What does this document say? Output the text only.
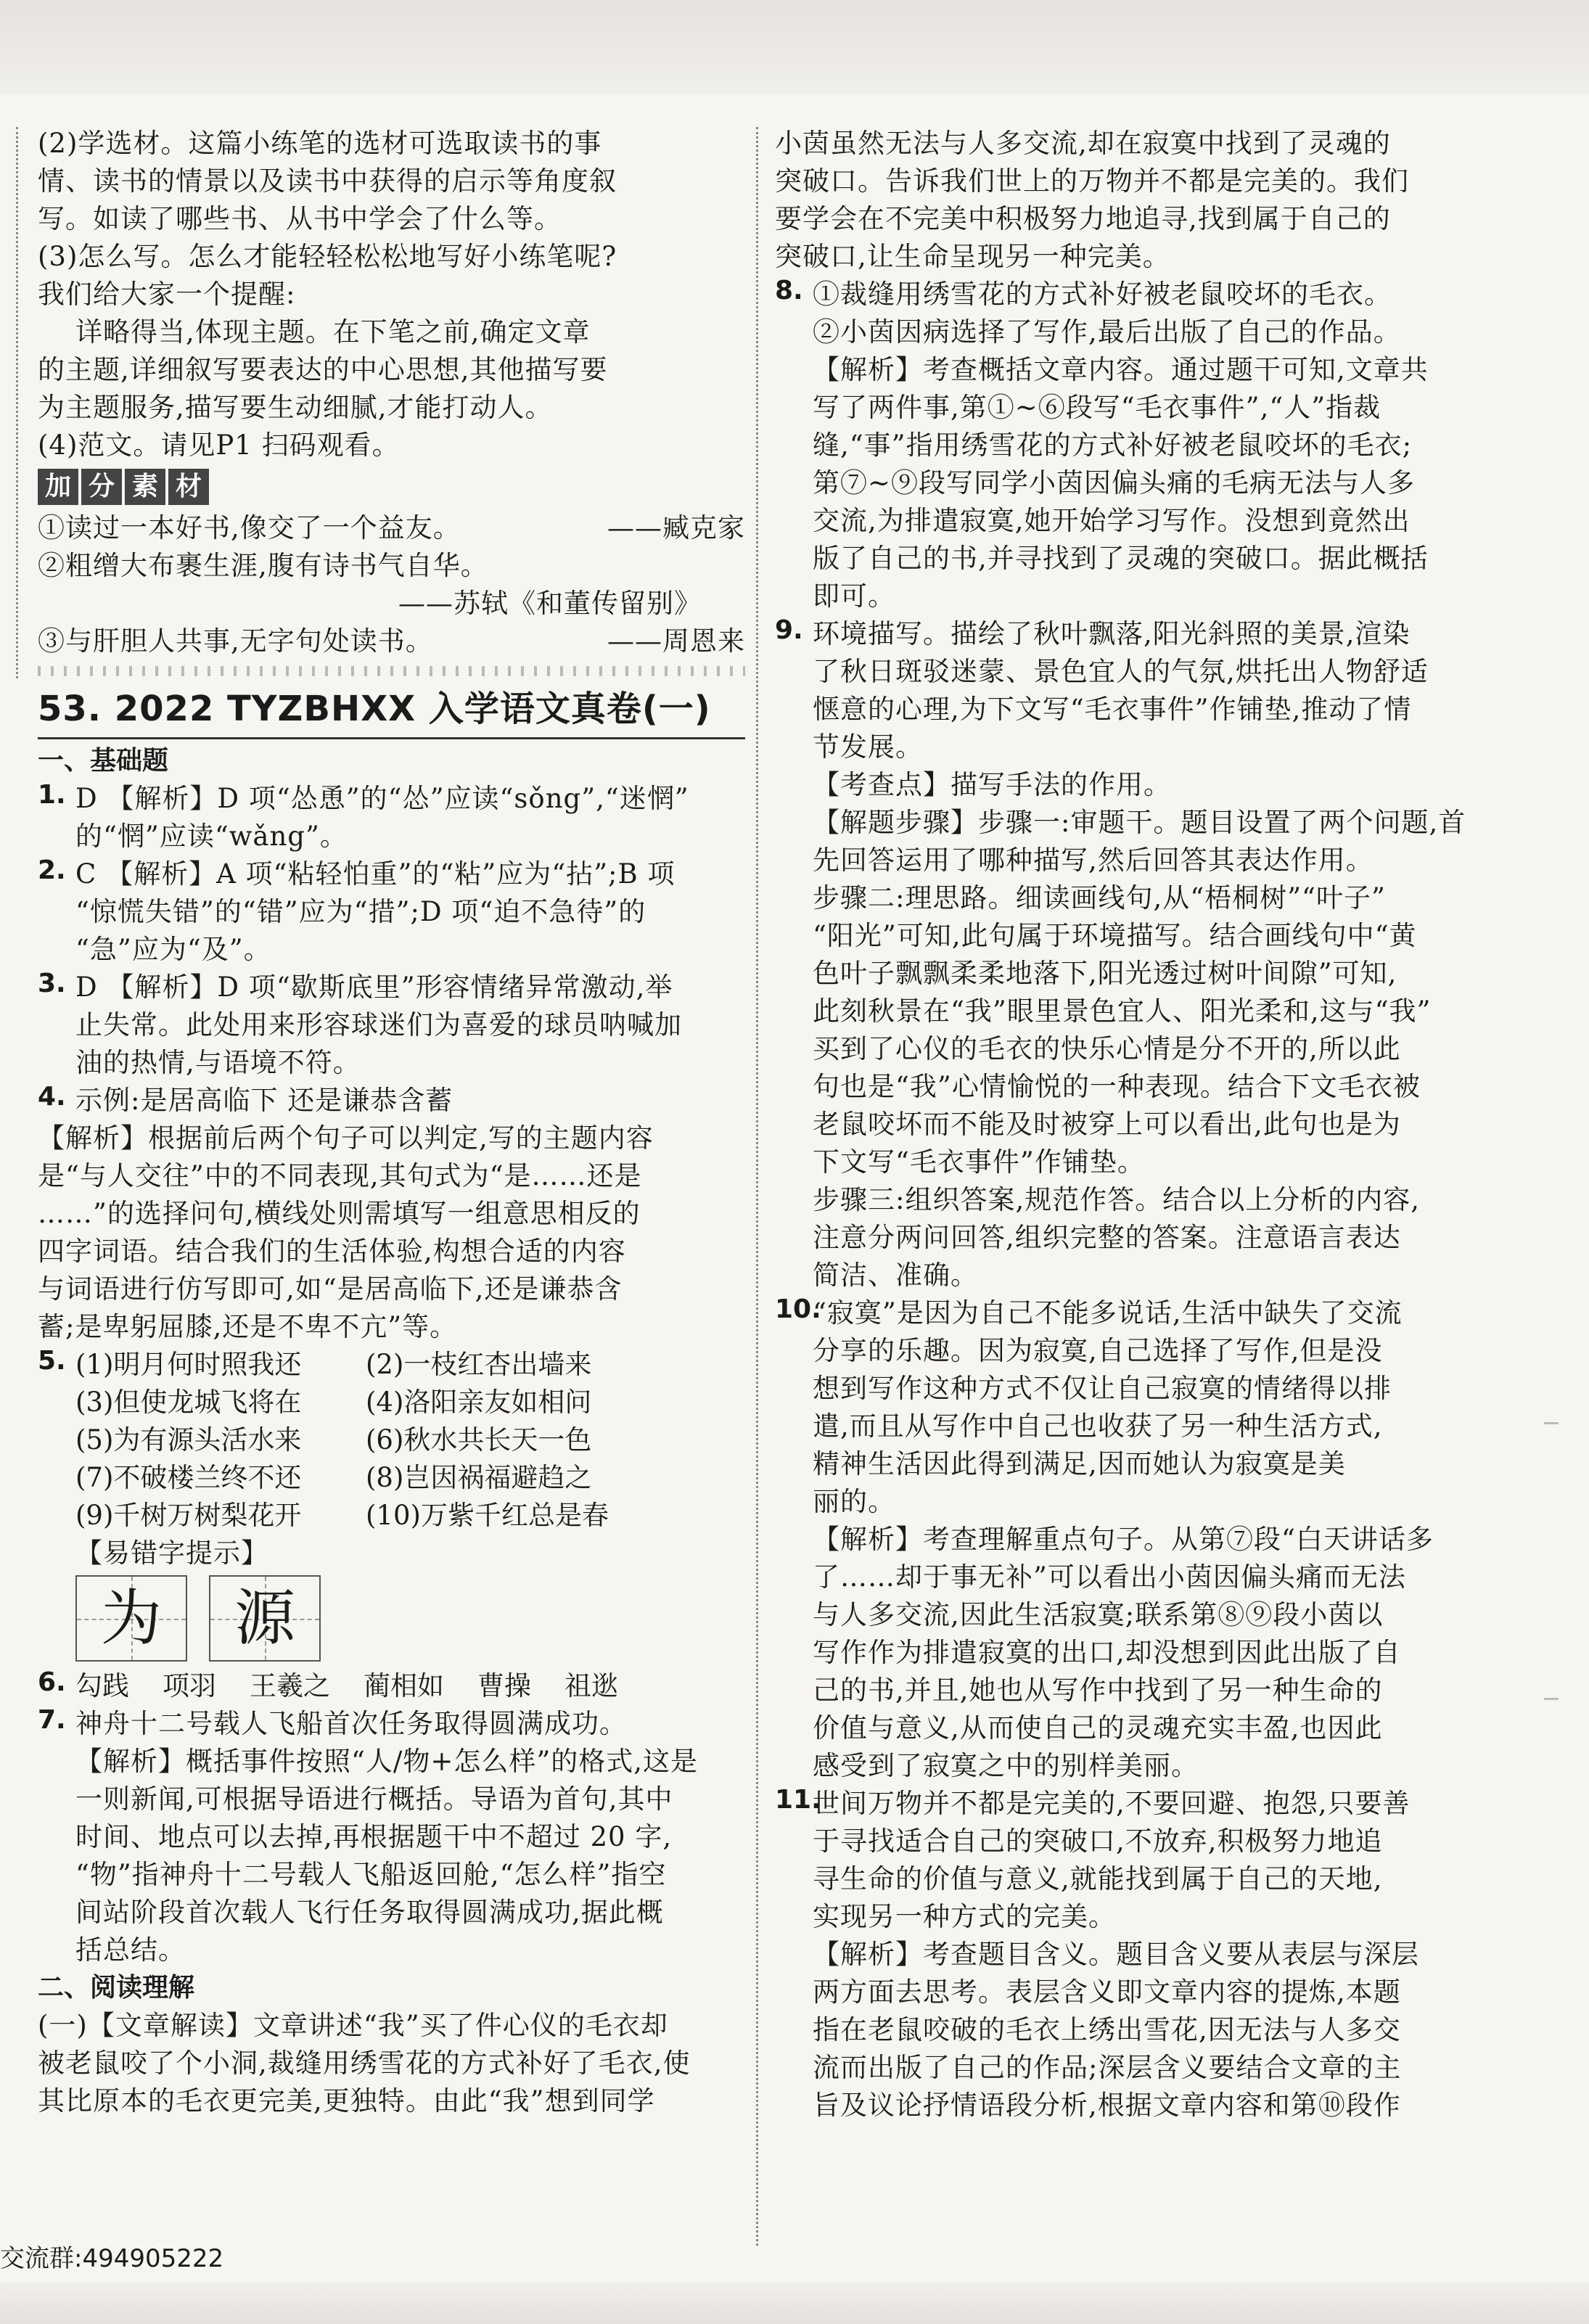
(2)学选材。这篇小练笔的选材可选取读书的事
情、读书的情景以及读书中获得的启示等角度叙
写。如读了哪些书、从书中学会了什么等。

(3)怎么写。怎么才能轻轻松松地写好小练笔呢?
我们给大家一个提醒:

详略得当,体现主题。在下笔之前,确定文章
的主题,详细叙写要表达的中心思想,其他描写要
为主题服务,描写要生动细腻,才能打动人。

(4)范文。请见P1 扫码观看。

加 分 素 材
①读过一本好书,像交了一个益友。	——臧克家
②粗缯大布裹生涯,腹有诗书气自华。
——苏轼《和董传留别》
③与肝胆人共事,无字句处读书。	——周恩来
53. 2022 TYZBHXX 入学语文真卷(一)

一、基础题

1. D 【解析】D 项“怂恿”的“怂”应读“sǒng”,“迷惘”
的“惘”应读“wǎng”。

2. C 【解析】A 项“粘轻怕重”的“粘”应为“拈”;B 项
“惊慌失错”的“错”应为“措”;D 项“迫不急待”的
“急”应为“及”。

3. D 【解析】D 项“歇斯底里”形容情绪异常激动,举
止失常。此处用来形容球迷们为喜爱的球员呐喊加
油的热情,与语境不符。

4. 示例:是居高临下 还是谦恭含蓄

【解析】根据前后两个句子可以判定,写的主题内容
是“与人交往”中的不同表现,其句式为“是……还是
……”的选择问句,横线处则需填写一组意思相反的
四字词语。结合我们的生活体验,构想合适的内容
与词语进行仿写即可,如“是居高临下,还是谦恭含
蓄;是卑躬屈膝,还是不卑不亢”等。

5. (1)明月何时照我还	(2)一枝红杏出墙来
(3)但使龙城飞将在	(4)洛阳亲友如相问
(5)为有源头活水来	(6)秋水共长天一色
(7)不破楼兰终不还	(8)岂因祸福避趋之
(9)千树万树梨花开	(10)万紫千红总是春

【易错字提示】

为	源
6. 勾践 项羽 王羲之 蔺相如 曹操 祖逖
7. 神舟十二号载人飞船首次任务取得圆满成功。

【解析】概括事件按照“人/物+怎么样”的格式,这是
一则新闻,可根据导语进行概括。导语为首句,其中
时间、地点可以去掉,再根据题干中不超过 20 字,
“物”指神舟十二号载人飞船返回舱,“怎么样”指空
间站阶段首次载人飞行任务取得圆满成功,据此概
括总结。

二、阅读理解

(一)【文章解读】文章讲述“我”买了件心仪的毛衣却
被老鼠咬了个小洞,裁缝用绣雪花的方式补好了毛衣,使
其比原本的毛衣更完美,更独特。由此“我”想到同学

小茵虽然无法与人多交流,却在寂寞中找到了灵魂的
突破口。告诉我们世上的万物并不都是完美的。我们
要学会在不完美中积极努力地追寻,找到属于自己的
突破口,让生命呈现另一种完美。

8. ①裁缝用绣雪花的方式补好被老鼠咬坏的毛衣。
②小茵因病选择了写作,最后出版了自己的作品。
【解析】考查概括文章内容。通过题干可知,文章共
写了两件事,第①~⑥段写“毛衣事件”,“人”指裁
缝,“事”指用绣雪花的方式补好被老鼠咬坏的毛衣;
第⑦~⑨段写同学小茵因偏头痛的毛病无法与人多
交流,为排遣寂寞,她开始学习写作。没想到竟然出
版了自己的书,并寻找到了灵魂的突破口。据此概括
即可。

9. 环境描写。描绘了秋叶飘落,阳光斜照的美景,渲染
了秋日斑驳迷蒙、景色宜人的气氛,烘托出人物舒适
惬意的心理,为下文写“毛衣事件”作铺垫,推动了情
节发展。
【考查点】描写手法的作用。
【解题步骤】步骤一:审题干。题目设置了两个问题,首
先回答运用了哪种描写,然后回答其表达作用。
步骤二:理思路。细读画线句,从“梧桐树”“叶子”
“阳光”可知,此句属于环境描写。结合画线句中“黄
色叶子飘飘柔柔地落下,阳光透过树叶间隙”可知,
此刻秋景在“我”眼里景色宜人、阳光柔和,这与“我”
买到了心仪的毛衣的快乐心情是分不开的,所以此
句也是“我”心情愉悦的一种表现。结合下文毛衣被
老鼠咬坏而不能及时被穿上可以看出,此句也是为
下文写“毛衣事件”作铺垫。
步骤三:组织答案,规范作答。结合以上分析的内容,
注意分两问回答,组织完整的答案。注意语言表达
简洁、准确。

10.

“寂寞”是因为自己不能多说话,生活中缺失了交流
分享的乐趣。因为寂寞,自己选择了写作,但是没
想到写作这种方式不仅让自己寂寞的情绪得以排
遣,而且从写作中自己也收获了另一种生活方式,
精神生活因此得到满足,因而她认为寂寞是美
丽的。
【解析】考查理解重点句子。从第⑦段“白天讲话多
了……却于事无补”可以看出小茵因偏头痛而无法
与人多交流,因此生活寂寞;联系第⑧⑨段小茵以
写作作为排遣寂寞的出口,却没想到因此出版了自
己的书,并且,她也从写作中找到了另一种生命的
价值与意义,从而使自己的灵魂充实丰盈,也因此
感受到了寂寞之中的别样美丽。

11.

世间万物并不都是完美的,不要回避、抱怨,只要善
于寻找适合自己的突破口,不放弃,积极努力地追
寻生命的价值与意义,就能找到属于自己的天地,
实现另一种方式的完美。
【解析】考查题目含义。题目含义要从表层与深层
两方面去思考。表层含义即文章内容的提炼,本题
指在老鼠咬破的毛衣上绣出雪花,因无法与人多交
流而出版了自己的作品;深层含义要结合文章的主
旨及议论抒情语段分析,根据文章内容和第⑩段作

交流群:494905222
